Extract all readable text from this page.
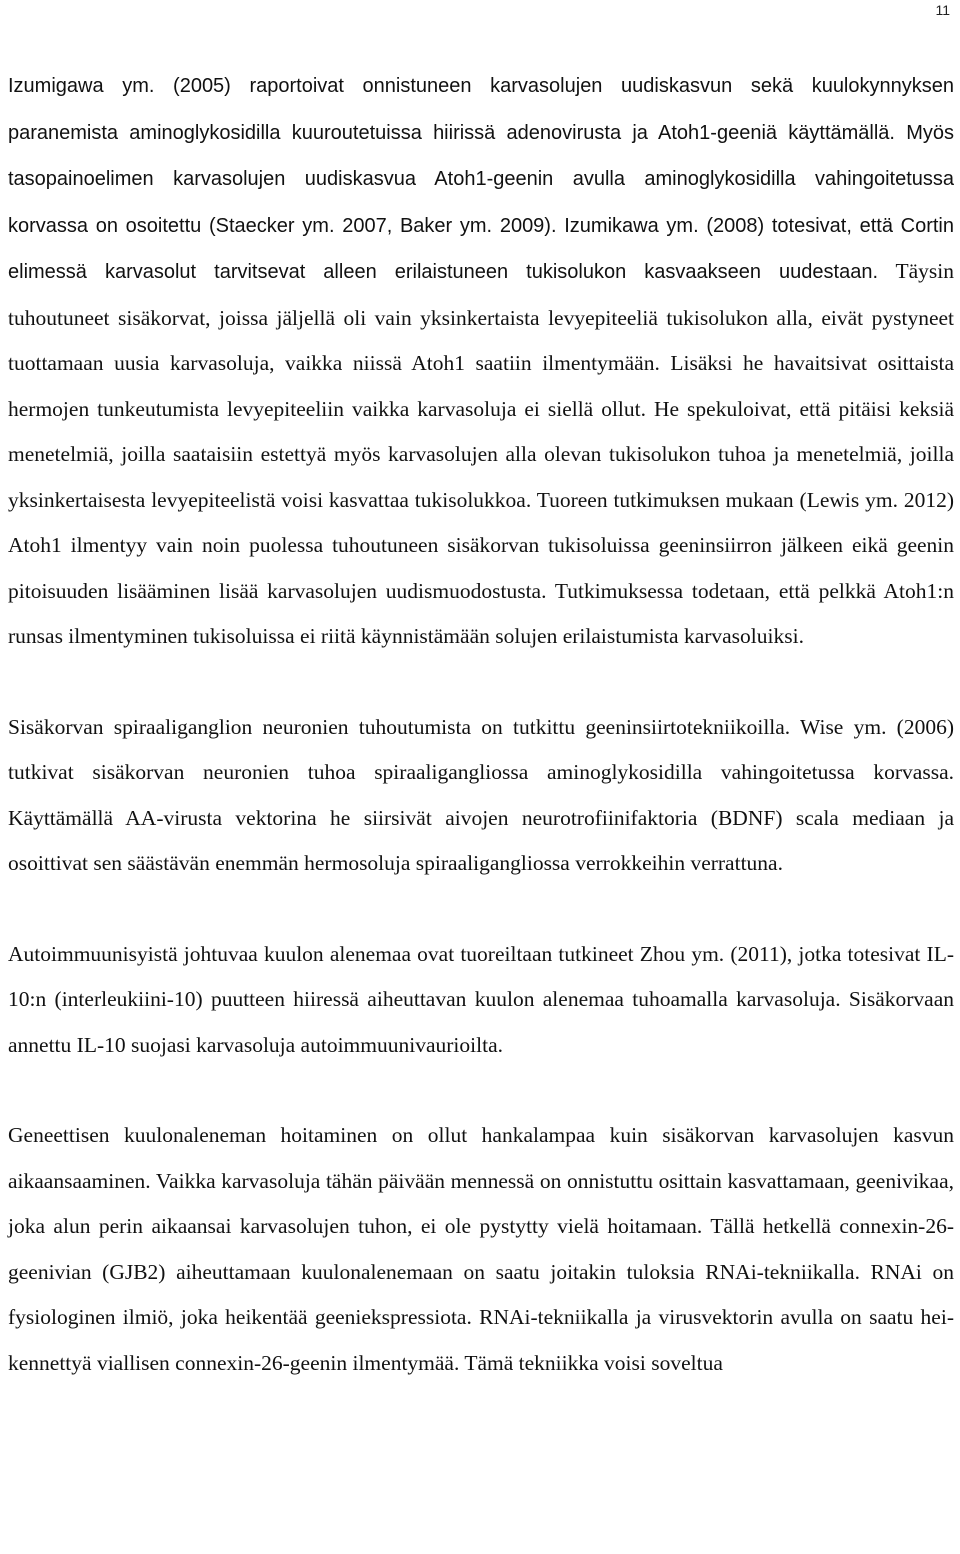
11

Izumigawa ym. (2005) raportoivat onnistuneen karvasolujen uudiskasvun sekä kuulokynnyksen paranemista aminoglykosidilla kuuroutetuissa hiirissä adenovirusta ja Atoh1-geeniä käyttämällä. Myös tasopainoelimen karvasolujen uudiskasvua Atoh1-geenin avulla aminoglykosidilla vahingoitetussa korvassa on osoitettu (Staecker ym. 2007, Baker ym. 2009). Izumikawa ym. (2008) totesivat, että Cortin elimessä karvasolut tarvitsevat alleen erilaistuneen tukisolukon kasvaakseen uudestaan. Täysin tuhoutuneet sisäkorvat, joissa jäljellä oli vain yksinkertaista levyepiteeliä tukisolukon alla, eivät pystyneet tuottamaan uusia karvasoluja, vaikka niissä Atoh1 saatiin ilmentymään. Lisäksi he havaitsivat osittaista hermojen tunkeutumista levyepiteeliin vaikka karvasoluja ei siellä ollut. He spekuloivat, että pitäisi keksiä menetelmiä, joilla saataisiin estettyä myös karvasolujen alla olevan tukisolukon tuhoa ja menetelmiä, joilla yksinkertaisesta levyepiteelistä voisi kasvattaa tukisolukkoa. Tuoreen tutkimuksen mukaan (Lewis ym. 2012) Atoh1 ilmentyy vain noin puolessa tuhoutuneen sisäkorvan tukisoluissa geeninsiirron jälkeen eikä geenin pitoisuuden lisääminen lisää karvasolujen uudismuodostusta. Tutkimuksessa todetaan, että pelkkä Atoh1:n runsas ilmentyminen tukisoluissa ei riitä käynnistämään solujen erilaistumista karvasoluiksi.

Sisäkorvan spiraaliganglion neuronien tuhoutumista on tutkittu geeninsiirtotekniikoilla. Wise ym. (2006) tutkivat sisäkorvan neuronien tuhoa spiraaligangliossa aminoglykosidilla vahingoitetussa korvassa. Käyttämällä AA-virusta vektorina he siirsivät aivojen neurotrofiinifaktoria (BDNF) scala mediaan ja osoittivat sen säästävän enemmän hermosoluja spiraaligangliossa verrokkeihin verrattuna.

Autoimmuunisyistä johtuvaa kuulon alenemaa ovat tuoreiltaan tutkineet Zhou ym. (2011), jotka totesivat IL-10:n (interleukiini-10) puutteen hiiressä aiheuttavan kuulon alenemaa tuhoamalla karvasoluja. Sisäkorvaan annettu IL-10 suojasi karvasoluja autoimmuunivaurioilta.

Geneettisen kuulonaleneman hoitaminen on ollut hankalampaa kuin sisäkorvan karvasolujen kasvun aikaansaaminen. Vaikka karvasoluja tähän päivään mennessä on onnistuttu osittain kasvattamaan, geenivikaa, joka alun perin aikaansai karvasolujen tuhon, ei ole pystytty vielä hoitamaan. Tällä hetkellä connexin-26-geenivian (GJB2) aiheuttamaan kuulonalenemaan on saatu joitakin tuloksia RNAi-tekniikalla. RNAi on fysiologinen ilmiö, joka heikentää geeniekspressiota. RNAi-tekniikalla ja virusvektorin avulla on saatu heikennettyä viallisen connexin-26-geenin ilmentymää. Tämä tekniikka voisi soveltua
